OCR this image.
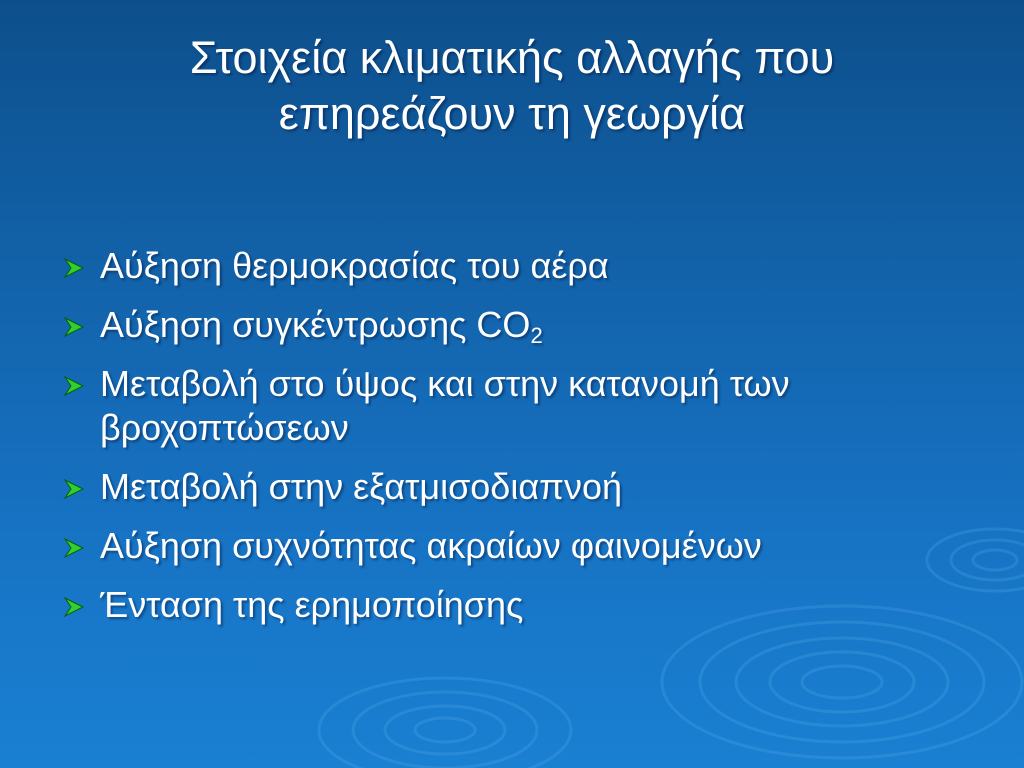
Στοιχεία κλιματικής αλλαγής που
επηρεάζουν τη γεωργία
Αύξηση θερμοκρασίας του αέρα
Αύξηση συγκέντρωσης $CO_2$
Μεταβολή στο ύψος και στην κατανομή των βροχοπτώσεων
Μεταβολή στην εξατμισοδιαπνοή
Αύξηση συχνότητας ακραίων φαινομένων
Ένταση της ερημοποίησης
